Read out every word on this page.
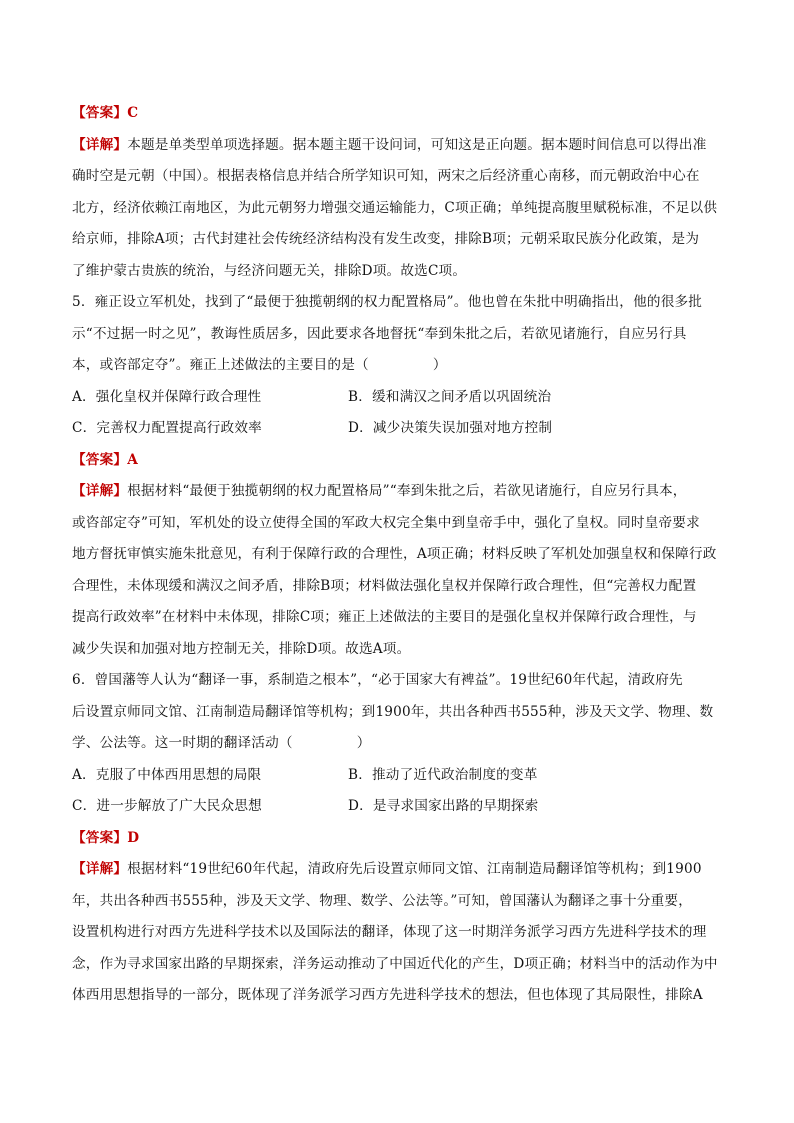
【答案】C
【详解】本题是单类型单项选择题。据本题主题干设问词，可知这是正向题。据本题时间信息可以得出准
确时空是元朝（中国）。根据表格信息并结合所学知识可知，两宋之后经济重心南移，而元朝政治中心在
北方，经济依赖江南地区，为此元朝努力增强交通运输能力，C项正确；单纯提高腹里赋税标准，不足以供
给京师，排除A项；古代封建社会传统经济结构没有发生改变，排除B项；元朝采取民族分化政策，是为
了维护蒙古贵族的统治，与经济问题无关，排除D项。故选C项。
5．雍正设立军机处，找到了“最便于独揽朝纲的权力配置格局”。他也曾在朱批中明确指出，他的很多批
示“不过据一时之见”，教诲性质居多，因此要求各地督抚“奉到朱批之后，若欲见诸施行，自应另行具
本，或咨部定夺”。雍正上述做法的主要目的是（	）
A．强化皇权并保障行政合理性	B．缓和满汉之间矛盾以巩固统治
C．完善权力配置提高行政效率	D．减少决策失误加强对地方控制
【答案】A
【详解】根据材料“最便于独揽朝纲的权力配置格局”“奉到朱批之后，若欲见诸施行，自应另行具本，
或咨部定夺”可知，军机处的设立使得全国的军政大权完全集中到皇帝手中，强化了皇权。同时皇帝要求
地方督抚审慎实施朱批意见，有利于保障行政的合理性，A项正确；材料反映了军机处加强皇权和保障行政
合理性，未体现缓和满汉之间矛盾，排除B项；材料做法强化皇权并保障行政合理性，但“完善权力配置
提高行政效率”在材料中未体现，排除C项；雍正上述做法的主要目的是强化皇权并保障行政合理性，与
减少失误和加强对地方控制无关，排除D项。故选A项。
6．曾国藩等人认为“翻译一事，系制造之根本”，“必于国家大有裨益”。19世纪60年代起，清政府先
后设置京师同文馆、江南制造局翻译馆等机构；到1900年，共出各种西书555种，涉及天文学、物理、数
学、公法等。这一时期的翻译活动（	）
A．克服了中体西用思想的局限	B．推动了近代政治制度的变革
C．进一步解放了广大民众思想	D．是寻求国家出路的早期探索
【答案】D
【详解】根据材料“19世纪60年代起，清政府先后设置京师同文馆、江南制造局翻译馆等机构；到1900
年，共出各种西书555种，涉及天文学、物理、数学、公法等。”可知，曾国藩认为翻译之事十分重要，
设置机构进行对西方先进科学技术以及国际法的翻译，体现了这一时期洋务派学习西方先进科学技术的理
念，作为寻求国家出路的早期探索，洋务运动推动了中国近代化的产生，D项正确；材料当中的活动作为中
体西用思想指导的一部分，既体现了洋务派学习西方先进科学技术的想法，但也体现了其局限性，排除A
